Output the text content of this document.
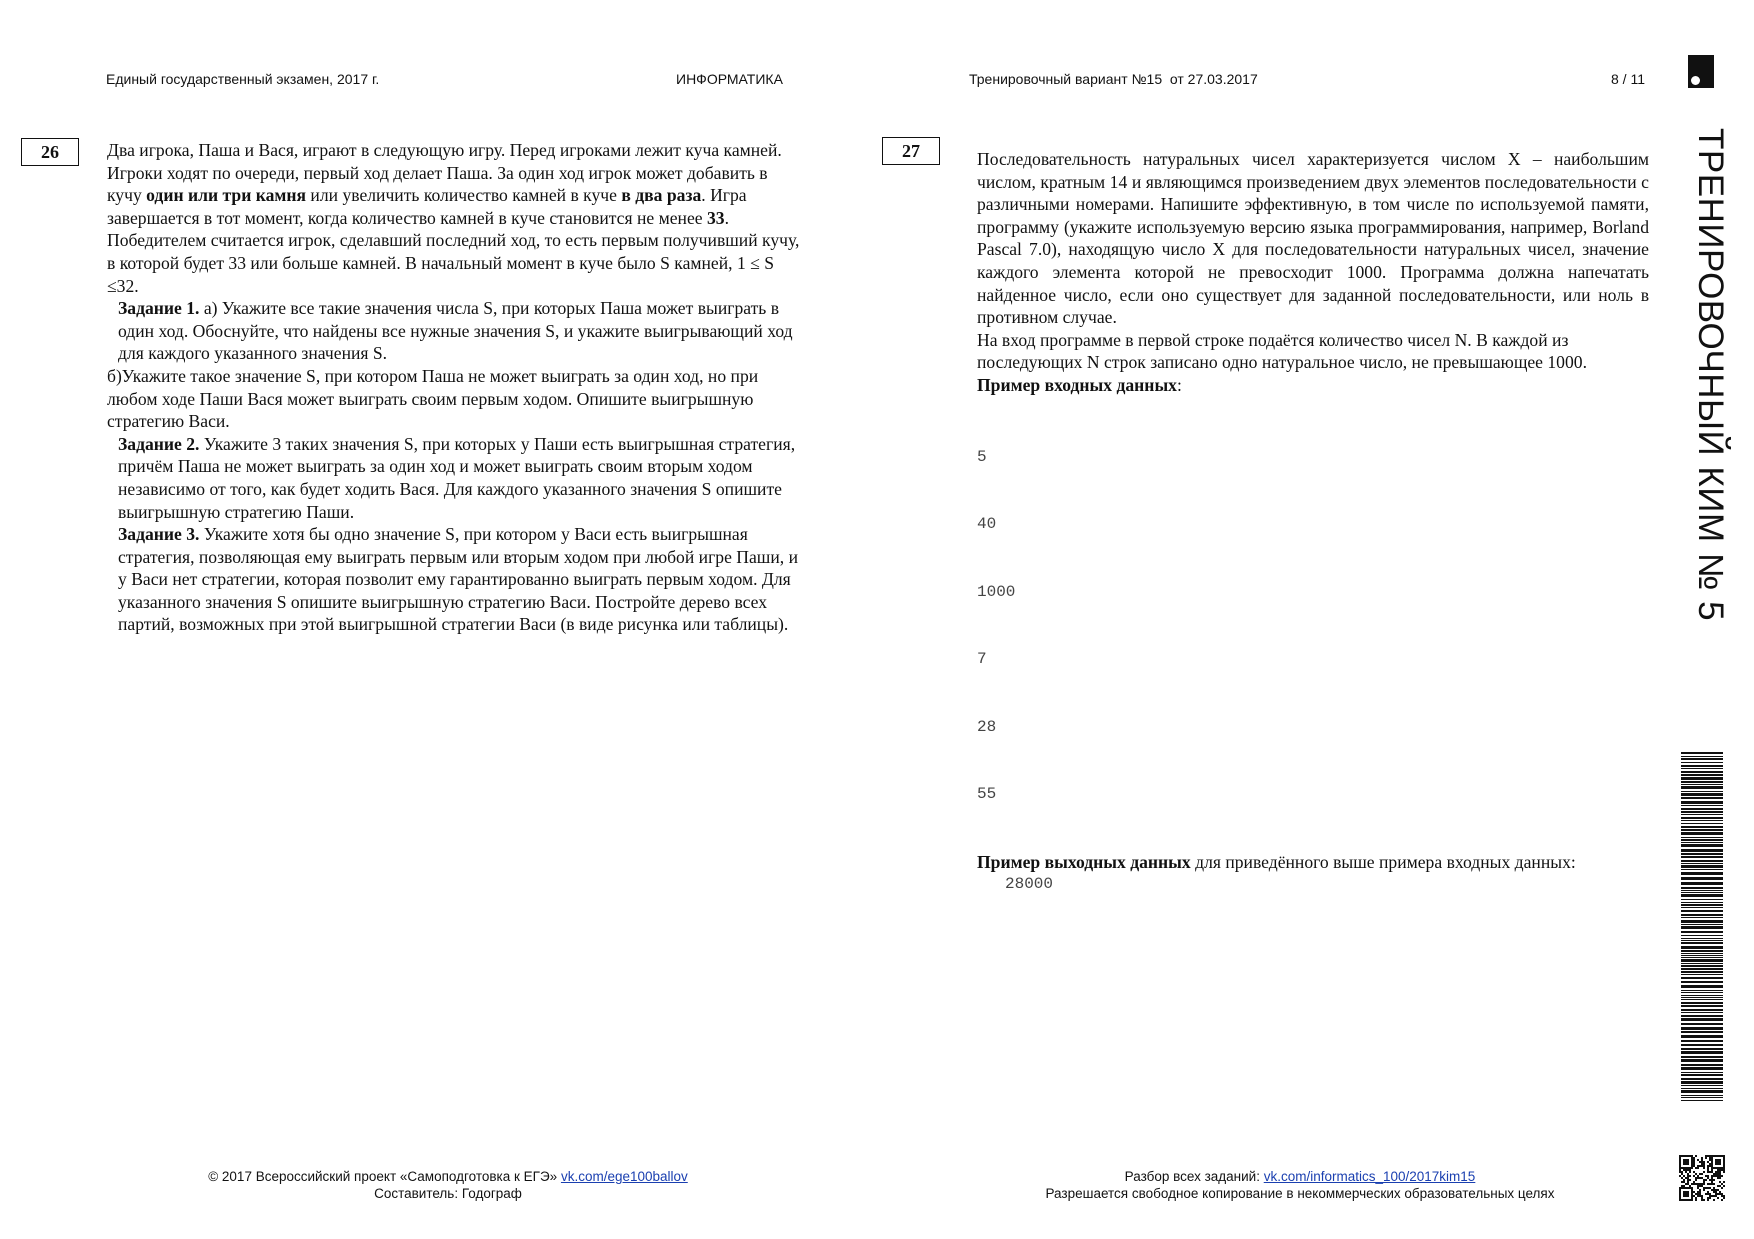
Единый государственный экзамен, 2017 г.	ИНФОРМАТИКА	Тренировочный вариант №15  от 27.03.2017	8 / 11
ТРЕНИРОВОЧНЫЙ КИМ № 5
26	Два игрока, Паша и Вася, играют в следующую игру. Перед игроками лежит куча камней. Игроки ходят по очереди, первый ход делает Паша. За один ход игрок может добавить в кучу один или три камня или увеличить количество камней в куче в два раза. Игра завершается в тот момент, когда количество камней в куче становится не менее 33. Победителем считается игрок, сделавший последний ход, то есть первым получивший кучу, в которой будет 33 или больше камней. В начальный момент в куче было S камней, 1 ≤ S ≤32.

Задание 1. а) Укажите все такие значения числа S, при которых Паша может выиграть в один ход. Обоснуйте, что найдены все нужные значения S, и укажите выигрывающий ход для каждого указанного значения S.

б)Укажите такое значение S, при котором Паша не может выиграть за один ход, но при любом ходе Паши Вася может выиграть своим первым ходом. Опишите выигрышную стратегию Васи.

Задание 2. Укажите 3 таких значения S, при которых у Паши есть выигрышная стратегия, причём Паша не может выиграть за один ход и может выиграть своим вторым ходом независимо от того, как будет ходить Вася. Для каждого указанного значения S опишите выигрышную стратегию Паши.

Задание 3. Укажите хотя бы одно значение S, при котором у Васи есть выигрышная стратегия, позволяющая ему выиграть первым или вторым ходом при любой игре Паши, и у Васи нет стратегии, которая позволит ему гарантированно выиграть первым ходом. Для указанного значения S опишите выигрышную стратегию Васи. Постройте дерево всех партий, возможных при этой выигрышной стратегии Васи (в виде рисунка или таблицы).

27	Последовательность натуральных чисел характеризуется числом X – наибольшим числом, кратным 14 и являющимся произведением двух элементов последовательности с различными номерами. Напишите эффективную, в том числе по используемой памяти, программу (укажите используемую версию языка программирования, например, Borland Pascal 7.0), находящую число X для последовательности натуральных чисел, значение каждого элемента которой не превосходит 1000. Программа должна напечатать найденное число, если оно существует для заданной последовательности, или ноль в противном случае.

На вход программе в первой строке подаётся количество чисел N. В каждой из последующих N строк записано одно натуральное число, не превышающее 1000.

Пример входных данных:

5

40

1000

7

28

55

Пример выходных данных для приведённого выше примера входных данных:

28000
© 2017 Всероссийский проект «Самоподготовка к ЕГЭ» vk.com/ege100ballov
Составитель: Годограф
Разбор всех заданий: vk.com/informatics_100/2017kim15
Разрешается свободное копирование в некоммерческих образовательных целях
